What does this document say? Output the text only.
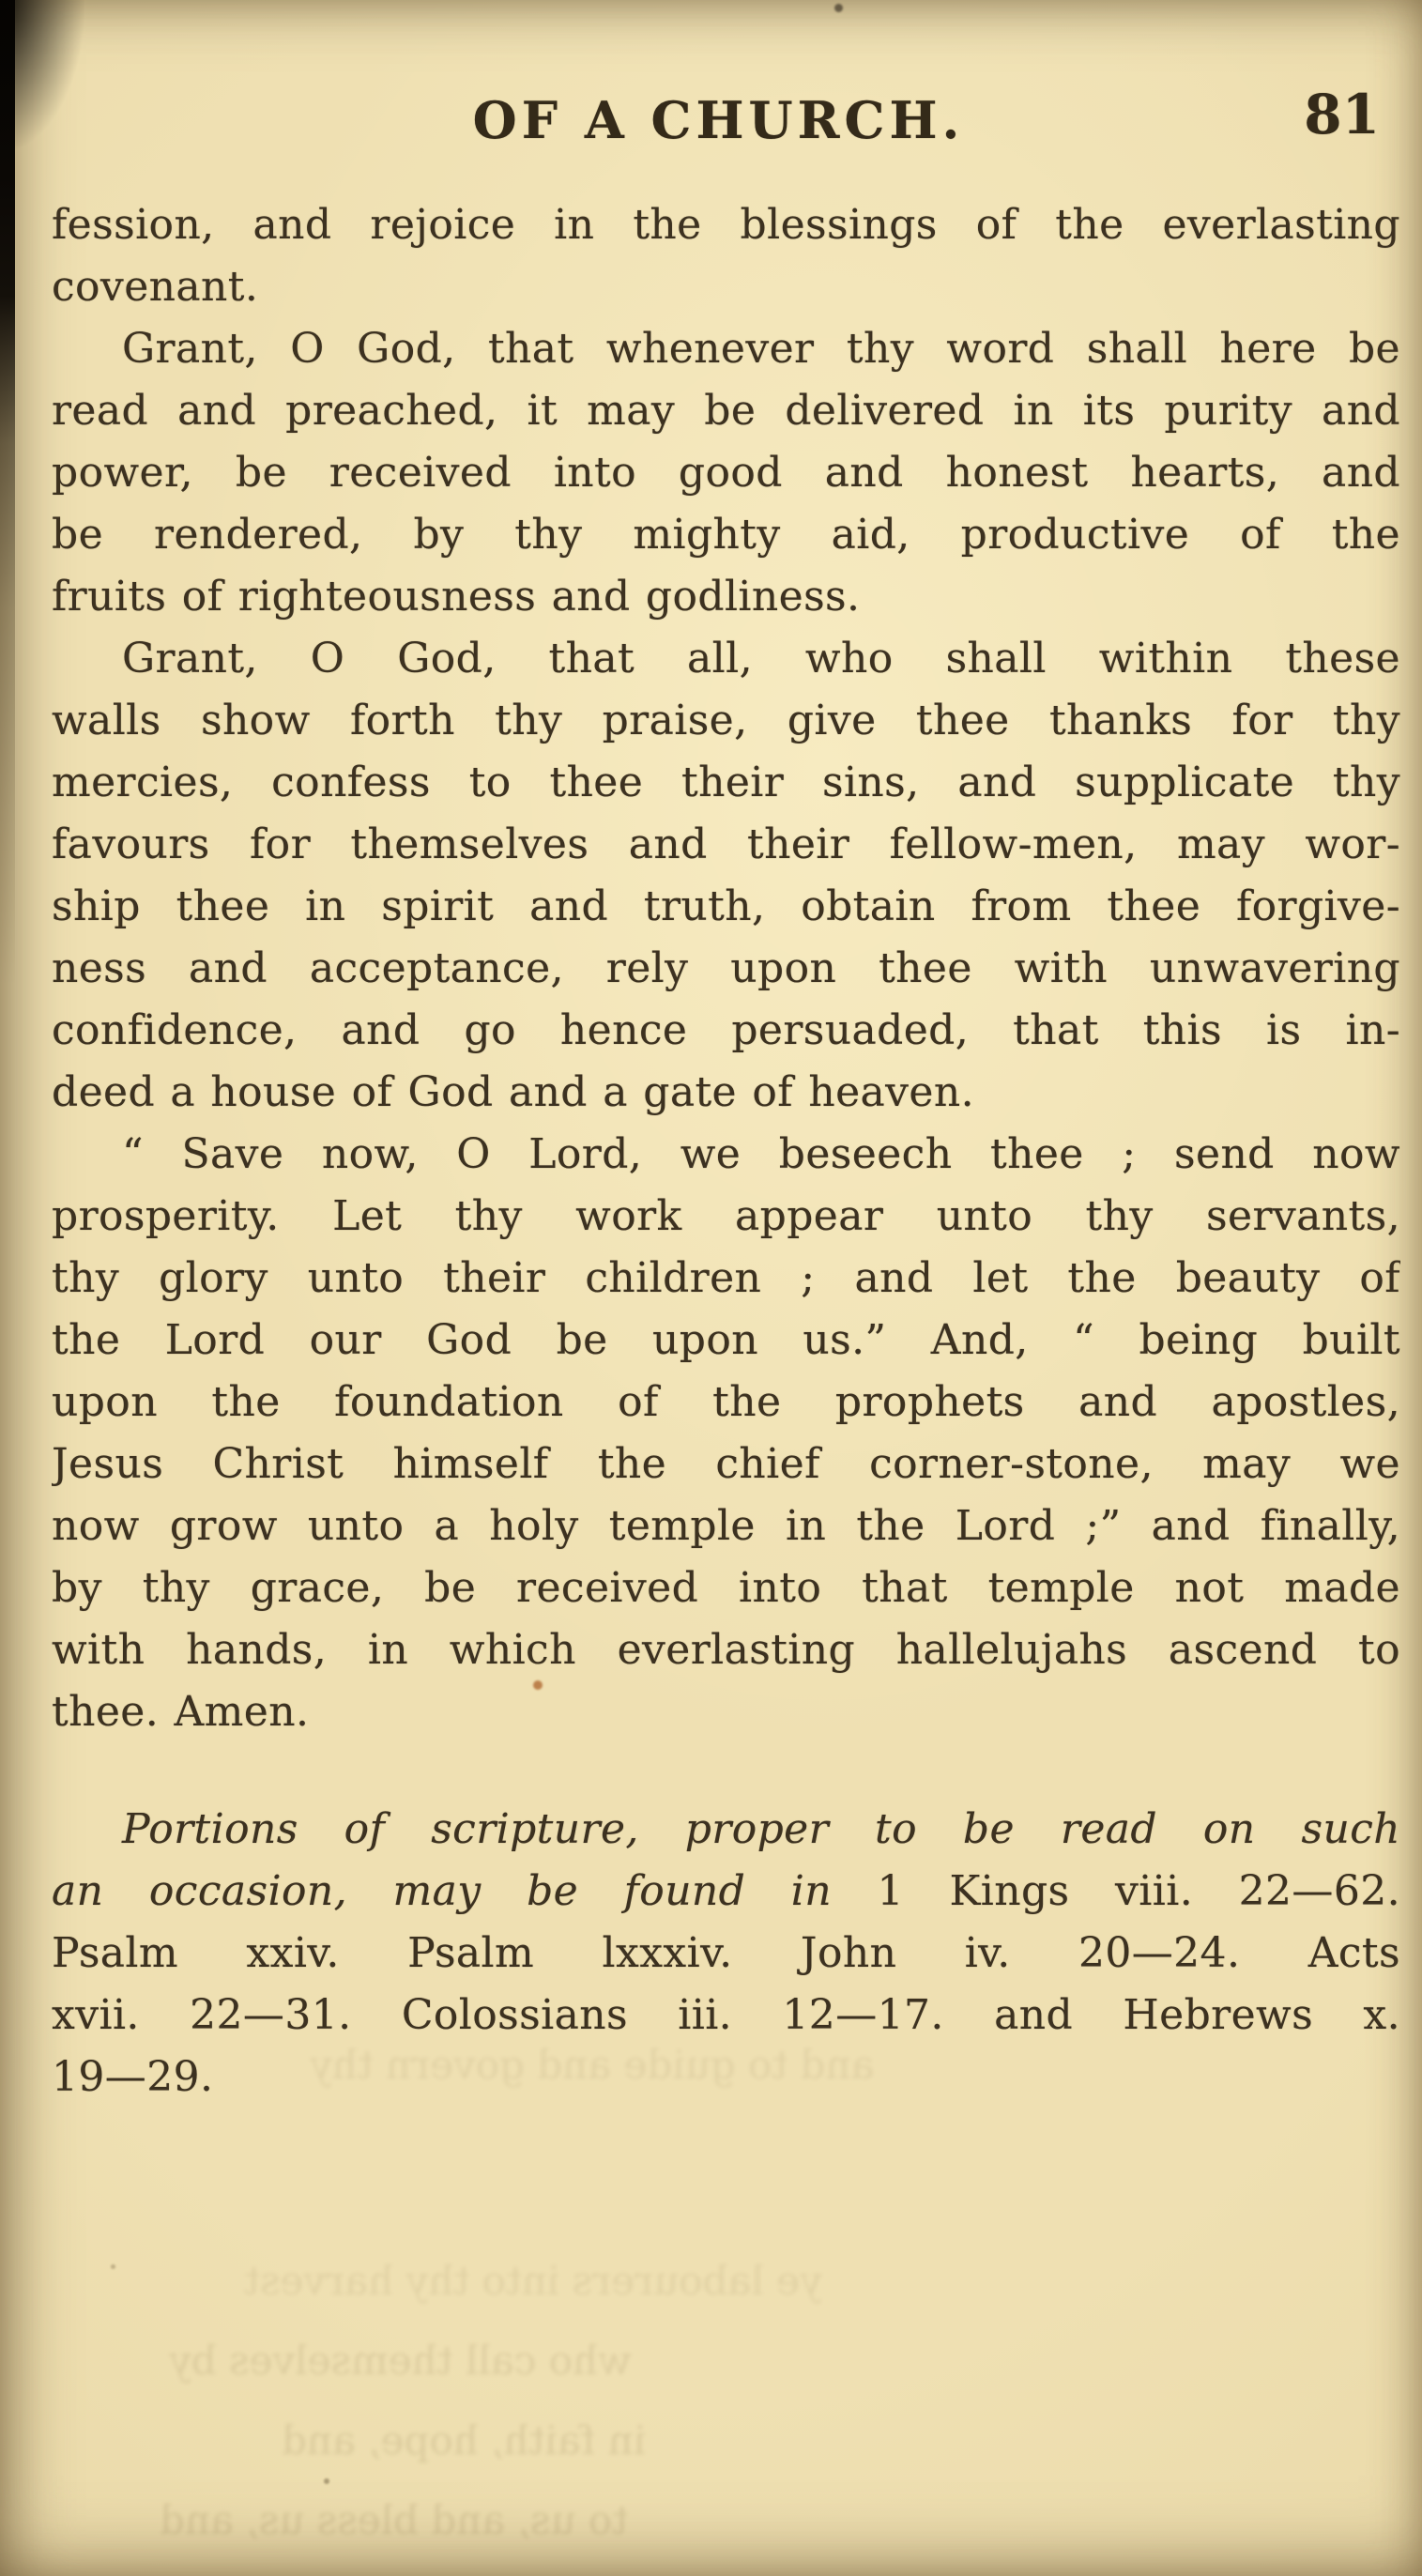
OF A CHURCH.	81
fession, and rejoice in the blessings of the everlasting
covenant.
Grant, O God, that whenever thy word shall here be
read and preached, it may be delivered in its purity and
power, be received into good and honest hearts, and
be rendered, by thy mighty aid, productive of the
fruits of righteousness and godliness.
Grant, O God, that all, who shall within these
walls show forth thy praise, give thee thanks for thy
mercies, confess to thee their sins, and supplicate thy
favours for themselves and their fellow-men, may wor-
ship thee in spirit and truth, obtain from thee forgive-
ness and acceptance, rely upon thee with unwavering
confidence, and go hence persuaded, that this is in-
deed a house of God and a gate of heaven.
“ Save now, O Lord, we beseech thee ; send now
prosperity. Let thy work appear unto thy servants,
thy glory unto their children ; and let the beauty of
the Lord our God be upon us.” And, “ being built
upon the foundation of the prophets and apostles,
Jesus Christ himself the chief corner-stone, may we
now grow unto a holy temple in the Lord ;” and finally,
by thy grace, be received into that temple not made
with hands, in which everlasting hallelujahs ascend to
thee. Amen.
Portions of scripture, proper to be read on such
an occasion, may be found in 1 Kings viii. 22—62.
Psalm xxiv. Psalm lxxxiv. John iv. 20—24. Acts
xvii. 22—31. Colossians iii. 12—17. and Hebrews x.
19—29.	and to guide and govern thy
ye labourers into thy harvest
who call themselves by
in faith, hope, and
to us, and bless us, and
